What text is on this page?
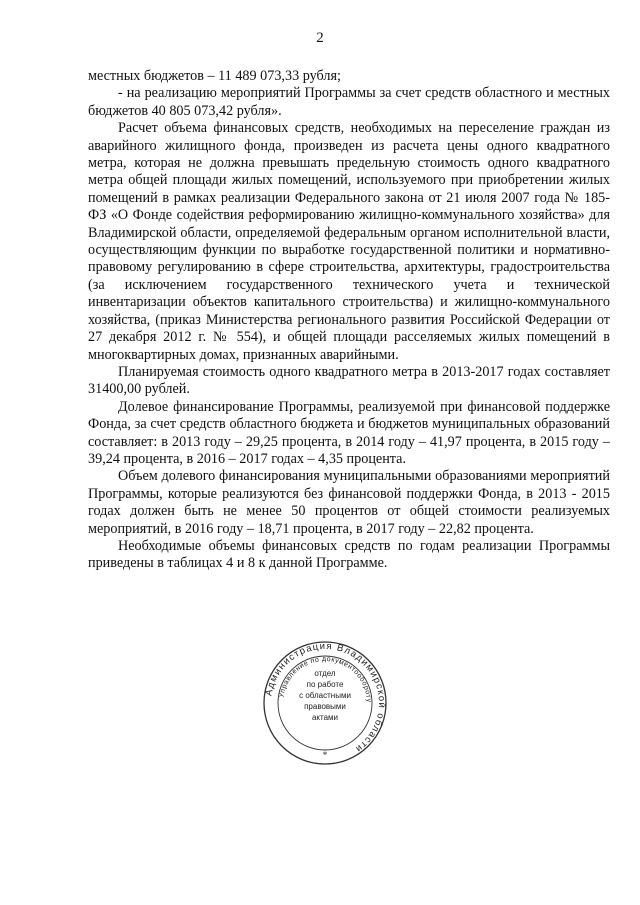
2

местных бюджетов – 11 489 073,33 рубля;

- на реализацию мероприятий Программы за счет средств областного и местных бюджетов 40 805 073,42 рубля».

Расчет объема финансовых средств, необходимых на переселение граждан из аварийного жилищного фонда, произведен из расчета цены одного квадратного метра, которая не должна превышать предельную стоимость одного квадратного метра общей площади жилых помещений, используемого при приобретении жилых помещений в рамках реализации Федерального закона от 21 июля 2007 года № 185-ФЗ «О Фонде содействия реформированию жилищно-коммунального хозяйства» для Владимирской области, определяемой федеральным органом исполнительной власти, осуществляющим функции по выработке государственной политики и нормативно-правовому регулированию в сфере строительства, архитектуры, градостроительства (за исключением государственного технического учета и технической инвентаризации объектов капитального строительства) и жилищно-коммунального хозяйства, (приказ Министерства регионального развития Российской Федерации от 27 декабря 2012 г. № 554), и общей площади расселяемых жилых помещений в многоквартирных домах, признанных аварийными.

Планируемая стоимость одного квадратного метра в 2013-2017 годах составляет 31400,00 рублей.

Долевое финансирование Программы, реализуемой при финансовой поддержке Фонда, за счет средств областного бюджета и бюджетов муниципальных образований составляет: в 2013 году – 29,25 процента, в 2014 году – 41,97 процента, в 2015 году – 39,24 процента, в 2016 – 2017 годах – 4,35 процента.

Объем долевого финансирования муниципальными образованиями мероприятий Программы, которые реализуются без финансовой поддержки Фонда, в 2013 - 2015 годах должен быть не менее 50 процентов от общей стоимости реализуемых мероприятий, в 2016 году – 18,71 процента, в 2017 году – 22,82 процента.

Необходимые объемы финансовых средств по годам реализации Программы приведены в таблицах 4 и 8 к данной Программе.

Администрация Владимирской области
Управление по документообороту
*
отдел
по работе
с областными
правовыми
актами
